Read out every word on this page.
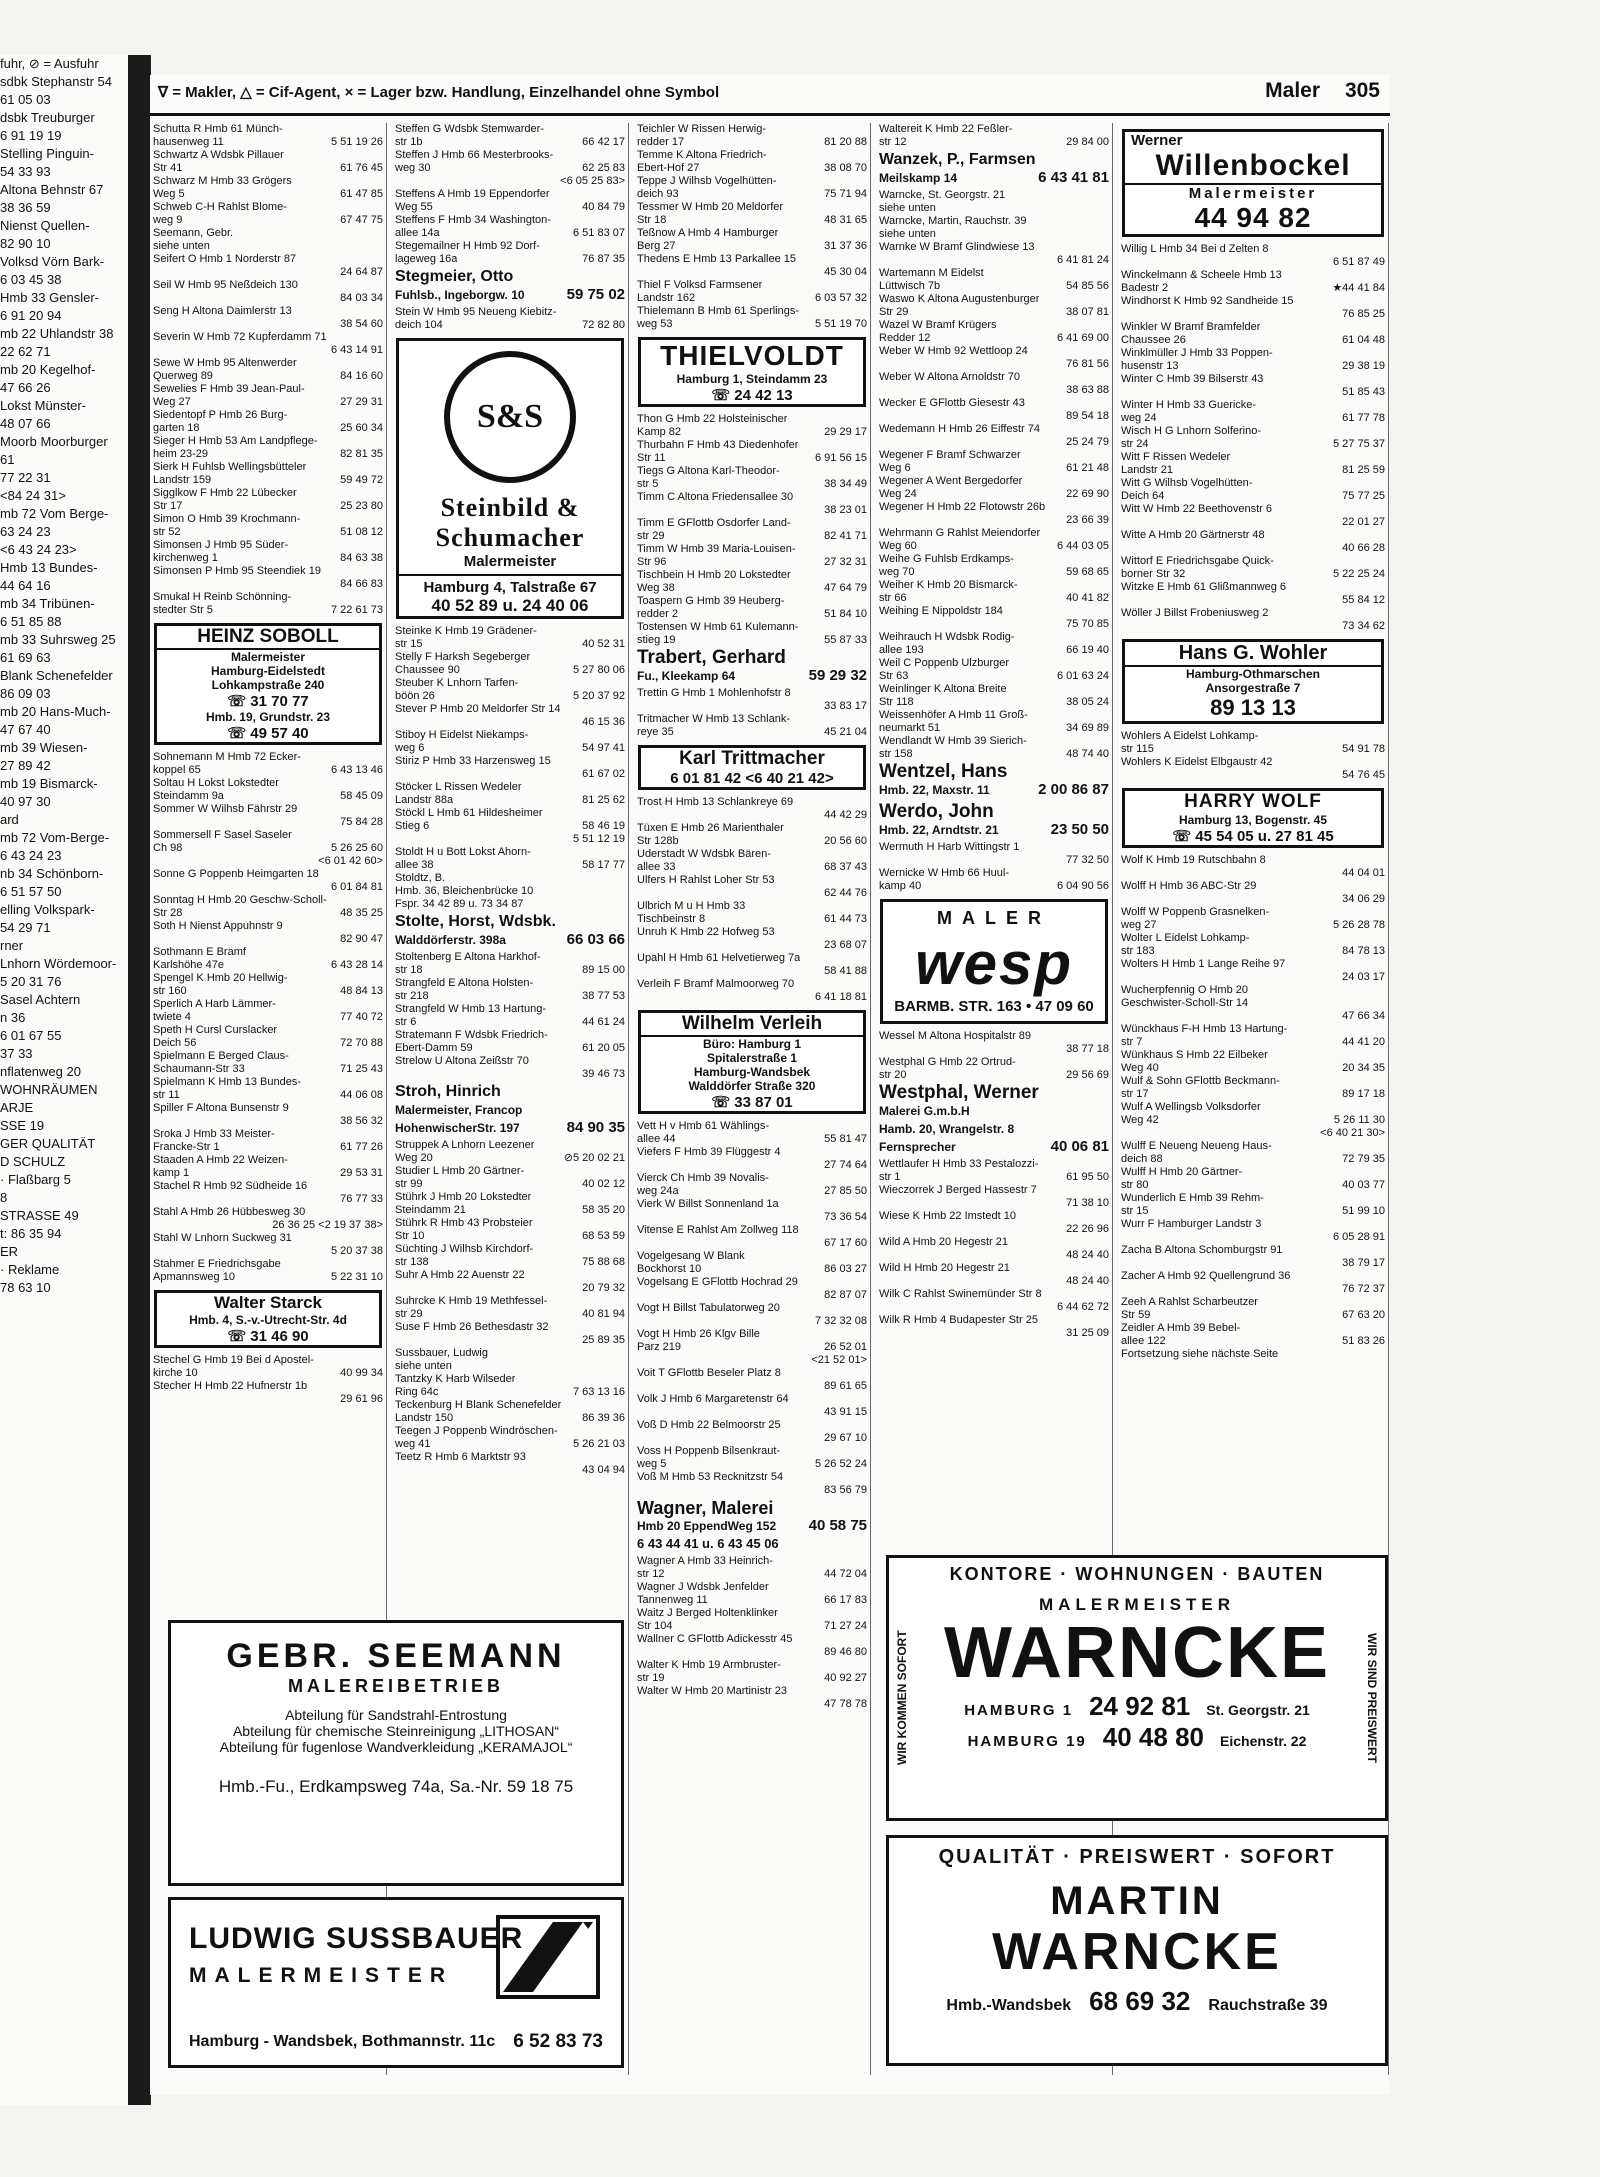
fuhr, ⊘ = Ausfuhr
sdbk Stephanstr 54
61 05 03
dsbk Treuburger
6 91 19 19
Stelling Pinguin-
54 33 93
Altona Behnstr 67
38 36 59
Nienst Quellen-
82 90 10
Volksd Vörn Bark-
6 03 45 38
Hmb 33 Gensler-
6 91 20 94
mb 22 Uhlandstr 38
22 62 71
mb 20 Kegelhof-
47 66 26
Lokst Münster-
48 07 66
Moorb Moorburger
61
77 22 31
<84 24 31>
mb 72 Vom Berge-
63 24 23
<6 43 24 23>
Hmb 13 Bundes-
44 64 16
mb 34 Tribünen-
6 51 85 88
mb 33 Suhrsweg 25
61 69 63
Blank Schenefelder
86 09 03
mb 20 Hans-Much-
47 67 40
mb 39 Wiesen-
27 89 42
mb 19 Bismarck-
40 97 30
ard
mb 72 Vom-Berge-
6 43 24 23
nb 34 Schönborn-
6 51 57 50
elling Volkspark-
54 29 71
rner
Lnhorn Wördemoor-
5 20 31 76
Sasel Achtern
n 36
6 01 67 55
37 33
nflatenweg 20
WOHNRÄUMEN
ARJE
SSE 19
GER QUALITÄT
D SCHULZ
· Flaßbarg 5
8
STRASSE 49
t: 86 35 94
ER
· Reklame
78 63 10
∇ = Makler, △ = Cif-Agent, × = Lager bzw. Handlung, Einzelhandel ohne Symbol	Maler 305
Schutta R Hmb 61 Münch-
hausenweg 11	5 51 19 26
Schwartz A Wdsbk Pillauer
Str 41	61 76 45
Schwarz M Hmb 33 Grögers
Weg 5	61 47 85
Schweb C-H Rahlst Blome-
weg 9	67 47 75
Seemann, Gebr.
siehe unten
Seifert O Hmb 1 Norderstr 87
24 64 87
Seil W Hmb 95 Neßdeich 130
84 03 34
Seng H Altona Daimlerstr 13
38 54 60
Severin W Hmb 72 Kupferdamm 71
6 43 14 91
Sewe W Hmb 95 Altenwerder
Querweg 89	84 16 60
Sewelies F Hmb 39 Jean-Paul-
Weg 27	27 29 31
Siedentopf P Hmb 26 Burg-
garten 18	25 60 34
Sieger H Hmb 53 Am Landpflege-
heim 23-29	82 81 35
Sierk H Fuhlsb Wellingsbütteler
Landstr 159	59 49 72
Sigglkow F Hmb 22 Lübecker
Str 17	25 23 80
Simon O Hmb 39 Krochmann-
str 52	51 08 12
Simonsen J Hmb 95 Süder-
kirchenweg 1	84 63 38
Simonsen P Hmb 95 Steendiek 19
84 66 83
Smukal H Reinb Schönning-
stedter Str 5	7 22 61 73
HEINZ SOBOLL
Malermeister
Hamburg-Eidelstedt
Lohkampstraße 240
☏ 31 70 77
Hmb. 19, Grundstr. 23
☏ 49 57 40
Sohnemann M Hmb 72 Ecker-
koppel 65	6 43 13 46
Soltau H Lokst Lokstedter
Steindamm 9a	58 45 09
Sommer W Wilhsb Fährstr 29
75 84 28
Sommersell F Sasel Saseler
Ch 98	5 26 25 60
<6 01 42 60>
Sonne G Poppenb Heimgarten 18
6 01 84 81
Sonntag H Hmb 20 Geschw-Scholl-
Str 28	48 35 25
Soth H Nienst Appuhnstr 9
82 90 47
Sothmann E Bramf
Karlshöhe 47e	6 43 28 14
Spengel K Hmb 20 Hellwig-
str 160	48 84 13
Sperlich A Harb Lämmer-
twiete 4	77 40 72
Speth H Cursl Curslacker
Deich 56	72 70 88
Spielmann E Berged Claus-
Schaumann-Str 33	71 25 43
Spielmann K Hmb 13 Bundes-
str 11	44 06 08
Spiller F Altona Bunsenstr 9
38 56 32
Sroka J Hmb 33 Meister-
Francke-Str 1	61 77 26
Staaden A Hmb 22 Weizen-
kamp 1	29 53 31
Stachel R Hmb 92 Südheide 16
76 77 33
Stahl A Hmb 26 Hübbesweg 30
26 36 25 <2 19 37 38>
Stahl W Lnhorn Suckweg 31
5 20 37 38
Stahmer E Friedrichsgabe
Apmannsweg 10	5 22 31 10
Walter Starck
Hmb. 4, S.-v.-Utrecht-Str. 4d
☏ 31 46 90
Stechel G Hmb 19 Bei d Apostel-
kirche 10	40 99 34
Stecher H Hmb 22 Hufnerstr 1b
29 61 96
Steffen G Wdsbk Stemwarder-
str 1b	66 42 17
Steffen J Hmb 66 Mesterbrooks-
weg 30	62 25 83
<6 05 25 83>
Steffens A Hmb 19 Eppendorfer
Weg 55	40 84 79
Steffens F Hmb 34 Washington-
allee 14a	6 51 83 07
Stegemailner H Hmb 92 Dorf-
lageweg 16a	76 87 35
Stegmeier, Otto
Fuhlsb., Ingeborgw. 10	59 75 02
Stein W Hmb 95 Neueng Kiebitz-
deich 104	72 82 80
S&S
Steinbild &
Schumacher
Malermeister
Hamburg 4, Talstraße 67
40 52 89 u. 24 40 06
Steinke K Hmb 19 Grädener-
str 15	40 52 31
Stelly F Harksh Segeberger
Chaussee 90	5 27 80 06
Steuber K Lnhorn Tarfen-
böön 26	5 20 37 92
Stever P Hmb 20 Meldorfer Str 14
46 15 36
Stiboy H Eidelst Niekamps-
weg 6	54 97 41
Stiriz P Hmb 33 Harzensweg 15
61 67 02
Stöcker L Rissen Wedeler
Landstr 88a	81 25 62
Stöckl L Hmb 61 Hildesheimer
Stieg 6	58 46 19
5 51 12 19
Stoldt H u Bott Lokst Ahorn-
allee 38	58 17 77
Stoldtz, B.
Hmb. 36, Bleichenbrücke 10
Fspr. 34 42 89 u. 73 34 87
Stolte, Horst, Wdsbk.
Walddörferstr. 398a	66 03 66
Stoltenberg E Altona Harkhof-
str 18	89 15 00
Strangfeld E Altona Holsten-
str 218	38 77 53
Strangfeld W Hmb 13 Hartung-
str 6	44 61 24
Stratemann F Wdsbk Friedrich-
Ebert-Damm 59	61 20 05
Strelow U Altona Zeißstr 70
39 46 73
Stroh, Hinrich
Malermeister, Francop
HohenwischerStr. 197	84 90 35
Struppek A Lnhorn Leezener
Weg 20	⊘5 20 02 21
Studier L Hmb 20 Gärtner-
str 99	40 02 12
Stührk J Hmb 20 Lokstedter
Steindamm 21	58 35 20
Stührk R Hmb 43 Probsteier
Str 10	68 53 59
Süchting J Wilhsb Kirchdorf-
str 138	75 88 68
Suhr A Hmb 22 Auenstr 22
20 79 32
Suhrcke K Hmb 19 Methfessel-
str 29	40 81 94
Suse F Hmb 26 Bethesdastr 32
25 89 35
Sussbauer, Ludwig
siehe unten
Tantzky K Harb Wilseder
Ring 64c	7 63 13 16
Teckenburg H Blank Schenefelder
Landstr 150	86 39 36
Teegen J Poppenb Windröschen-
weg 41	5 26 21 03
Teetz R Hmb 6 Marktstr 93
43 04 94
Teichler W Rissen Herwig-
redder 17	81 20 88
Temme K Altona Friedrich-
Ebert-Hof 27	38 08 70
Teppe J Wilhsb Vogelhütten-
deich 93	75 71 94
Tessmer W Hmb 20 Meldorfer
Str 18	48 31 65
Teßnow A Hmb 4 Hamburger
Berg 27	31 37 36
Thedens E Hmb 13 Parkallee 15
45 30 04
Thiel F Volksd Farmsener
Landstr 162	6 03 57 32
Thielemann B Hmb 61 Sperlings-
weg 53	5 51 19 70
THIELVOLDT
Hamburg 1, Steindamm 23
☏ 24 42 13
Thon G Hmb 22 Holsteinischer
Kamp 82	29 29 17
Thurbahn F Hmb 43 Diedenhofer
Str 11	6 91 56 15
Tiegs G Altona Karl-Theodor-
str 5	38 34 49
Timm C Altona Friedensallee 30
38 23 01
Timm E GFlottb Osdorfer Land-
str 29	82 41 71
Timm W Hmb 39 Maria-Louisen-
Str 96	27 32 31
Tischbein H Hmb 20 Lokstedter
Weg 38	47 64 79
Toaspern G Hmb 39 Heuberg-
redder 2	51 84 10
Tostensen W Hmb 61 Kulemann-
stieg 19	55 87 33
Trabert, Gerhard
Fu., Kleekamp 64	59 29 32
Trettin G Hmb 1 Mohlenhofstr 8
33 83 17
Tritmacher W Hmb 13 Schlank-
reye 35	45 21 04
Karl Trittmacher
6 01 81 42 <6 40 21 42>
Trost H Hmb 13 Schlankreye 69
44 42 29
Tüxen E Hmb 26 Marienthaler
Str 128b	20 56 60
Uderstadt W Wdsbk Bären-
allee 33	68 37 43
Ulfers H Rahlst Loher Str 53
62 44 76
Ulbrich M u H Hmb 33
Tischbeinstr 8	61 44 73
Unruh K Hmb 22 Hofweg 53
23 68 07
Upahl H Hmb 61 Helvetierweg 7a
58 41 88
Verleih F Bramf Malmoorweg 70
6 41 18 81
Wilhelm Verleih
Büro: Hamburg 1
Spitalerstraße 1
Hamburg-Wandsbek
Walddörfer Straße 320
☏ 33 87 01
Vett H v Hmb 61 Wählings-
allee 44	55 81 47
Viefers F Hmb 39 Flüggestr 4
27 74 64
Vierck Ch Hmb 39 Novalis-
weg 24a	27 85 50
Vierk W Billst Sonnenland 1a
73 36 54
Vitense E Rahlst Am Zollweg 118
67 17 60
Vogelgesang W Blank
Bockhorst 10	86 03 27
Vogelsang E GFlottb Hochrad 29
82 87 07
Vogt H Billst Tabulatorweg 20
7 32 32 08
Vogt H Hmb 26 Klgv Bille
Parz 219	26 52 01
<21 52 01>
Voit T GFlottb Beseler Platz 8
89 61 65
Volk J Hmb 6 Margaretenstr 64
43 91 15
Voß D Hmb 22 Belmoorstr 25
29 67 10
Voss H Poppenb Bilsenkraut-
weg 5	5 26 52 24
Voß M Hmb 53 Recknitzstr 54
83 56 79
Wagner, Malerei
Hmb 20 EppendWeg 152 40 58 75
6 43 44 41 u. 6 43 45 06
Wagner A Hmb 33 Heinrich-
str 12	44 72 04
Wagner J Wdsbk Jenfelder
Tannenweg 11	66 17 83
Waitz J Berged Holtenklinker
Str 104	71 27 24
Wallner C GFlottb Adickesstr 45
89 46 80
Walter K Hmb 19 Armbruster-
str 19	40 92 27
Walter W Hmb 20 Martinistr 23
47 78 78
Waltereit K Hmb 22 Feßler-
str 12	29 84 00
Wanzek, P., Farmsen
Meilskamp 14	6 43 41 81
Warncke, St. Georgstr. 21
siehe unten
Warncke, Martin, Rauchstr. 39
siehe unten
Warnke W Bramf Glindwiese 13
6 41 81 24
Wartemann M Eidelst
Lüttwisch 7b	54 85 56
Waswo K Altona Augustenburger
Str 29	38 07 81
Wazel W Bramf Krügers
Redder 12	6 41 69 00
Weber W Hmb 92 Wettloop 24
76 81 56
Weber W Altona Arnoldstr 70
38 63 88
Wecker E GFlottb Giesestr 43
89 54 18
Wedemann H Hmb 26 Eiffestr 74
25 24 79
Wegener F Bramf Schwarzer
Weg 6	61 21 48
Wegener A Went Bergedorfer
Weg 24	22 69 90
Wegener H Hmb 22 Flotowstr 26b
23 66 39
Wehrmann G Rahlst Meiendorfer
Weg 60	6 44 03 05
Weihe G Fuhlsb Erdkamps-
weg 70	59 68 65
Weiher K Hmb 20 Bismarck-
str 66	40 41 82
Weihing E Nippoldstr 184
75 70 85
Weihrauch H Wdsbk Rodig-
allee 193	66 19 40
Weil C Poppenb Ulzburger
Str 63	6 01 63 24
Weinlinger K Altona Breite
Str 118	38 05 24
Weissenhöfer A Hmb 11 Groß-
neumarkt 51	34 69 89
Wendlandt W Hmb 39 Sierich-
str 158	48 74 40
Wentzel, Hans
Hmb. 22, Maxstr. 11	2 00 86 87
Werdo, John
Hmb. 22, Arndtstr. 21	23 50 50
Wermuth H Harb Wittingstr 1
77 32 50
Wernicke W Hmb 66 Huul-
kamp 40	6 04 90 56
MALER
wesp
BARMB. STR. 163 • 47 09 60
Wessel M Altona Hospitalstr 89
38 77 18
Westphal G Hmb 22 Ortrud-
str 20	29 56 69
Westphal, Werner
Malerei G.m.b.H
Hamb. 20, Wrangelstr. 8
Fernsprecher	40 06 81
Wettlaufer H Hmb 33 Pestalozzi-
str 1	61 95 50
Wieczorrek J Berged Hassestr 7
71 38 10
Wiese K Hmb 22 Imstedt 10
22 26 96
Wild A Hmb 20 Hegestr 21
48 24 40
Wild H Hmb 20 Hegestr 21
48 24 40
Wilk C Rahlst Swinemünder Str 8
6 44 62 72
Wilk R Hmb 4 Budapester Str 25
31 25 09
Werner
Willenbockel
Malermeister
44 94 82
Willig L Hmb 34 Bei d Zelten 8
6 51 87 49
Winckelmann & Scheele Hmb 13
Badestr 2	★44 41 84
Windhorst K Hmb 92 Sandheide 15
76 85 25
Winkler W Bramf Bramfelder
Chaussee 26	61 04 48
Winklmüller J Hmb 33 Poppen-
husenstr 13	29 38 19
Winter C Hmb 39 Bilserstr 43
51 85 43
Winter H Hmb 33 Guericke-
weg 24	61 77 78
Wisch H G Lnhorn Solferino-
str 24	5 27 75 37
Witt F Rissen Wedeler
Landstr 21	81 25 59
Witt G Wilhsb Vogelhütten-
Deich 64	75 77 25
Witt W Hmb 22 Beethovenstr 6
22 01 27
Witte A Hmb 20 Gärtnerstr 48
40 66 28
Wittorf E Friedrichsgabe Quick-
borner Str 32	5 22 25 24
Witzke E Hmb 61 Glißmannweg 6
55 84 12
Wöller J Billst Frobeniusweg 2
73 34 62
Hans G. Wohler
Hamburg-Othmarschen
Ansorgestraße 7
89 13 13
Wohlers A Eidelst Lohkamp-
str 115	54 91 78
Wohlers K Eidelst Elbgaustr 42
54 76 45
HARRY WOLF
Hamburg 13, Bogenstr. 45
☏ 45 54 05 u. 27 81 45
Wolf K Hmb 19 Rutschbahn 8
44 04 01
Wolff H Hmb 36 ABC-Str 29
34 06 29
Wolff W Poppenb Grasnelken-
weg 27	5 26 28 78
Wolter L Eidelst Lohkamp-
str 183	84 78 13
Wolters H Hmb 1 Lange Reihe 97
24 03 17
Wucherpfennig O Hmb 20
Geschwister-Scholl-Str 14
47 66 34
Wünckhaus F-H Hmb 13 Hartung-
str 7	44 41 20
Wünkhaus S Hmb 22 Eilbeker
Weg 40	20 34 35
Wulf & Sohn GFlottb Beckmann-
str 17	89 17 18
Wulf A Wellingsb Volksdorfer
Weg 42	5 26 11 30
<6 40 21 30>
Wulff E Neueng Neueng Haus-
deich 88	72 79 35
Wulff H Hmb 20 Gärtner-
str 80	40 03 77
Wunderlich E Hmb 39 Rehm-
str 15	51 99 10
Wurr F Hamburger Landstr 3
6 05 28 91
Zacha B Altona Schomburgstr 91
38 79 17
Zacher A Hmb 92 Quellengrund 36
76 72 37
Zeeh A Rahlst Scharbeutzer
Str 59	67 63 20
Zeidler A Hmb 39 Bebel-
allee 122	51 83 26
Fortsetzung siehe nächste Seite
GEBR. SEEMANN
MALEREIBETRIEB
Abteilung für Sandstrahl-Entrostung
Abteilung für chemische Steinreinigung „LITHOSAN“
Abteilung für fugenlose Wandverkleidung „KERAMAJOL“
Hmb.-Fu., Erdkampsweg 74a, Sa.-Nr. 59 18 75
LUDWIG SUSSBAUER
MALERMEISTER
Hamburg - Wandsbek, Bothmannstr. 11c 6 52 83 73
KONTORE · WOHNUNGEN · BAUTEN
WIR KOMMEN SOFORT	WIR SIND PREISWERT
MALERMEISTER
WARNCKE
HAMBURG 1 24 92 81 St. Georgstr. 21
HAMBURG 19 40 48 80 Eichenstr. 22
QUALITÄT · PREISWERT · SOFORT
MARTIN
WARNCKE
Hmb.-Wandsbek 68 69 32 Rauchstraße 39
